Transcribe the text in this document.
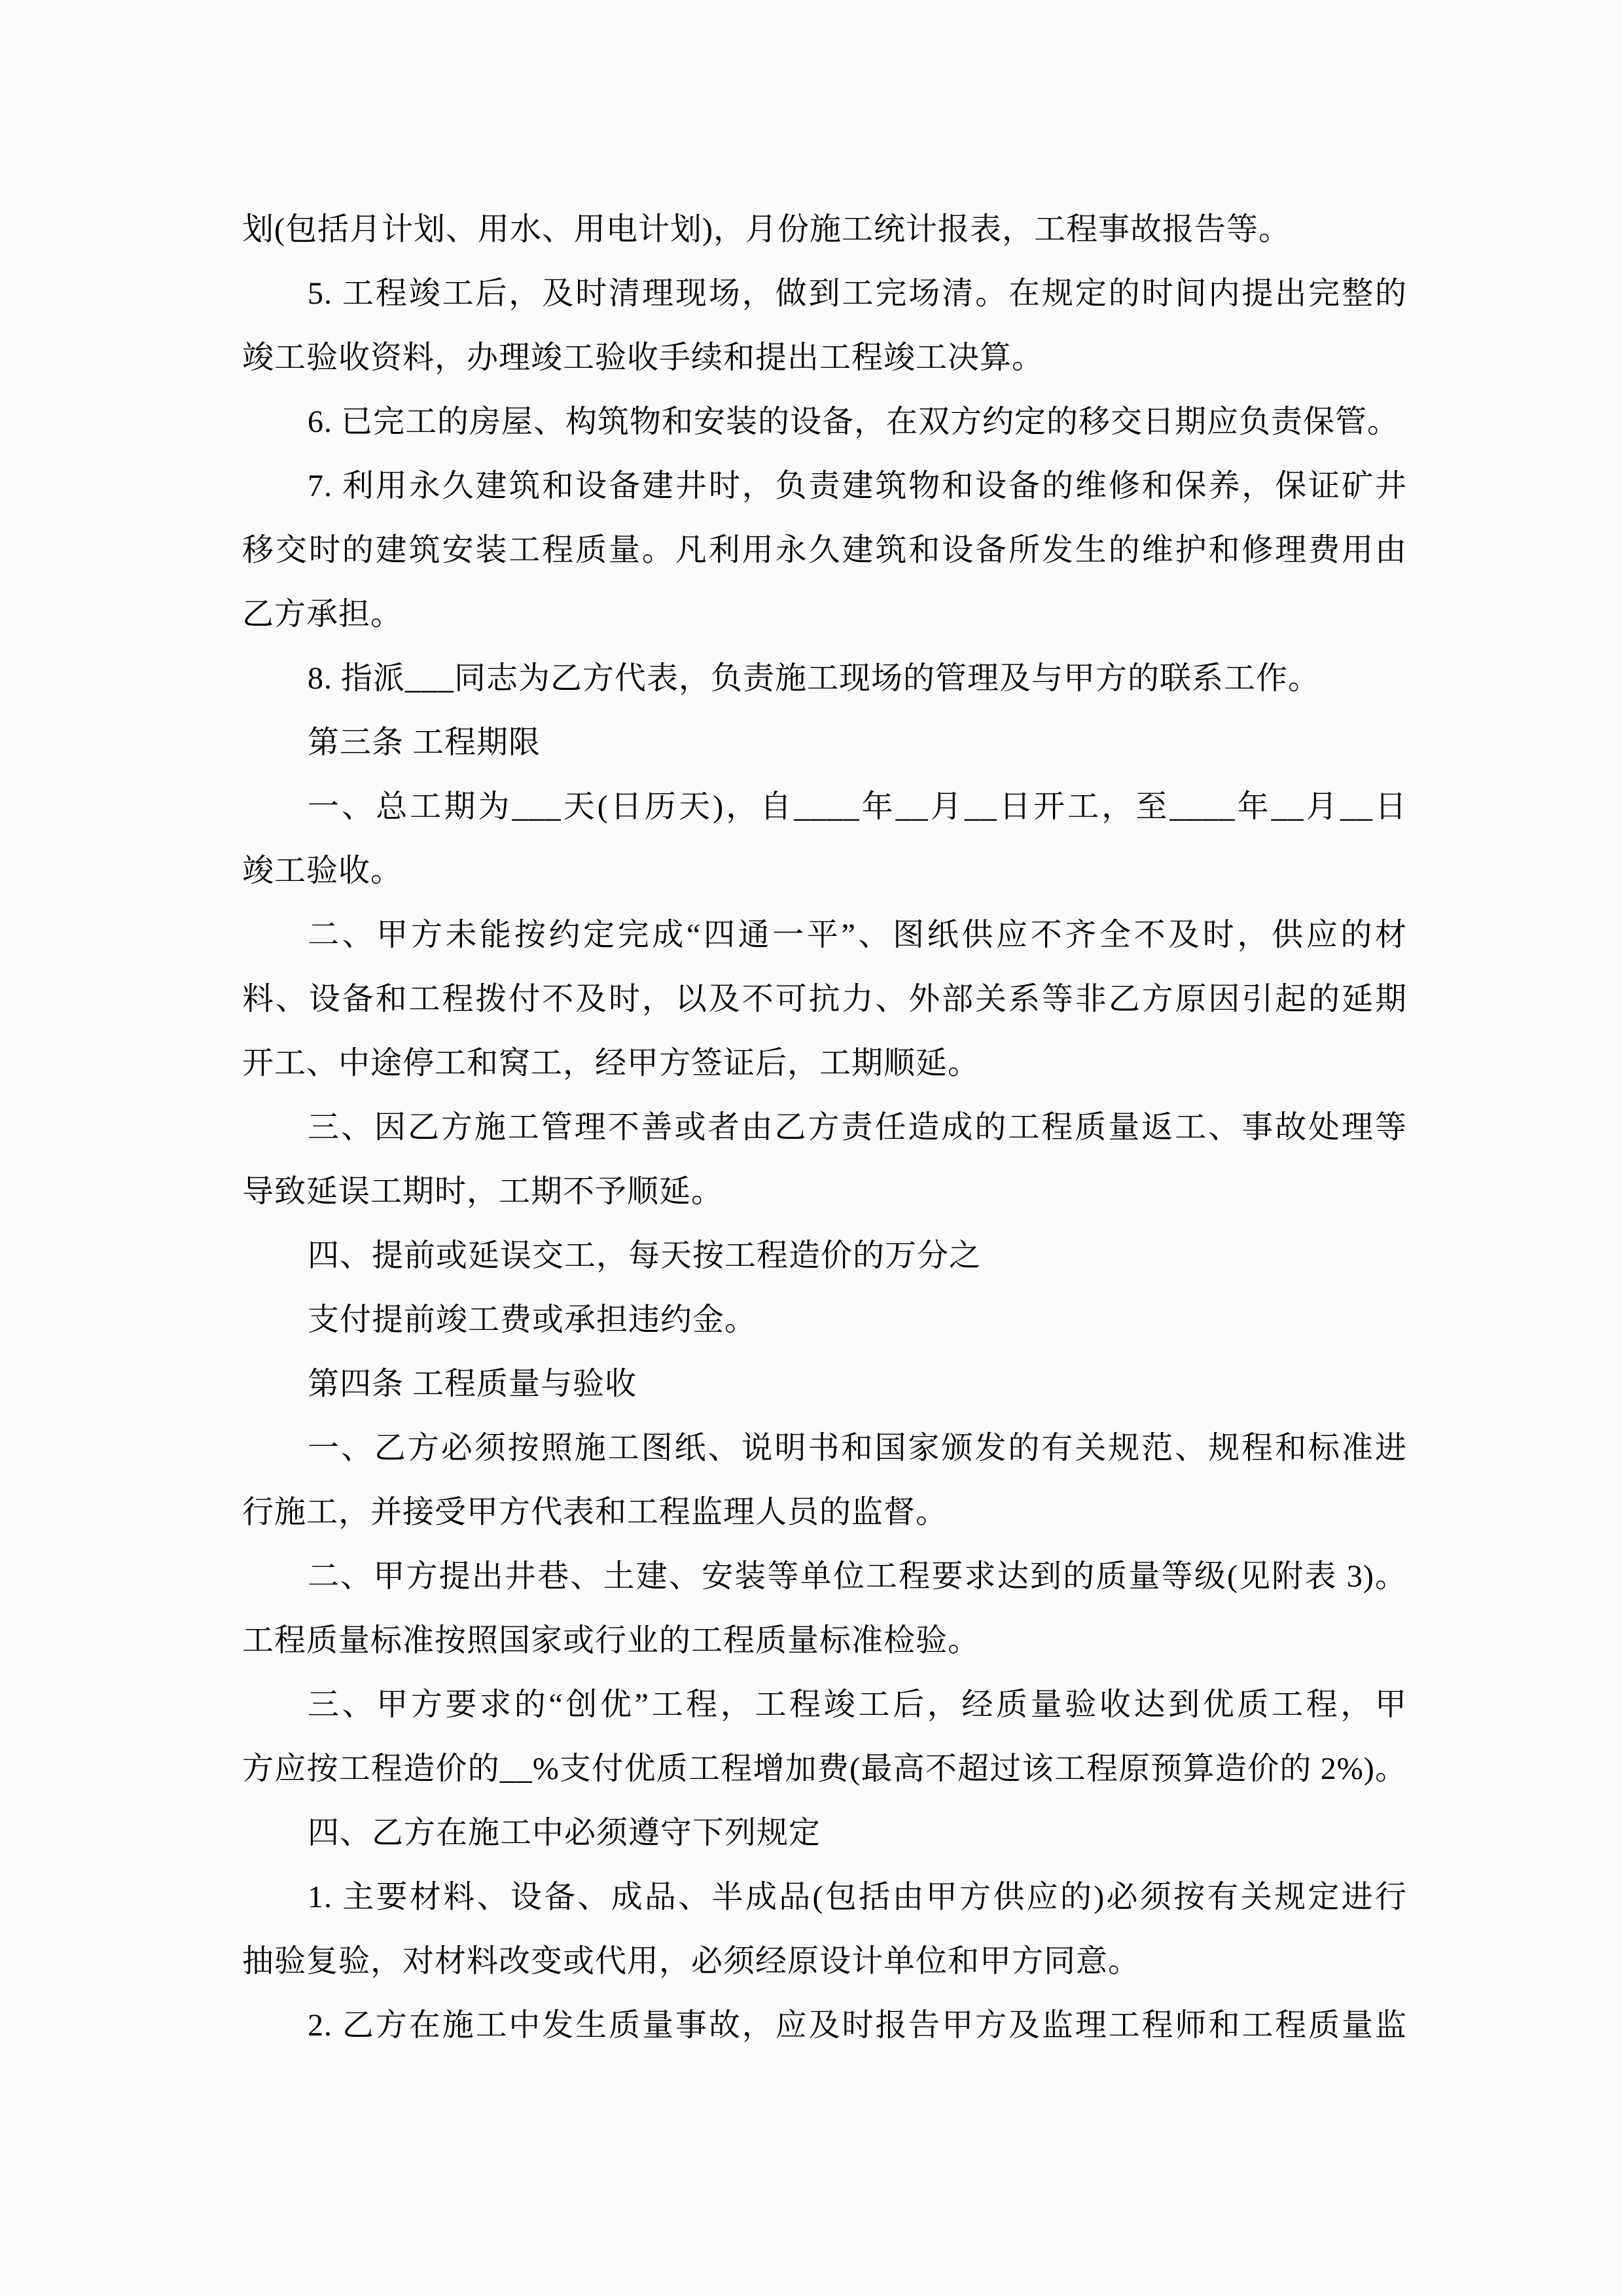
划(包括月计划、用水、用电计划)，月份施工统计报表，工程事故报告等。
5. 工程竣工后，及时清理现场，做到工完场清。在规定的时间内提出完整的
竣工验收资料，办理竣工验收手续和提出工程竣工决算。
6. 已完工的房屋、构筑物和安装的设备，在双方约定的移交日期应负责保管。
7. 利用永久建筑和设备建井时，负责建筑物和设备的维修和保养，保证矿井
移交时的建筑安装工程质量。凡利用永久建筑和设备所发生的维护和修理费用由
乙方承担。
8. 指派___同志为乙方代表，负责施工现场的管理及与甲方的联系工作。
第三条 工程期限
一、总工期为___天(日历天)，自____年__月__日开工，至____年__月__日
竣工验收。
二、甲方未能按约定完成“四通一平”、图纸供应不齐全不及时，供应的材
料、设备和工程拨付不及时，以及不可抗力、外部关系等非乙方原因引起的延期
开工、中途停工和窝工，经甲方签证后，工期顺延。
三、因乙方施工管理不善或者由乙方责任造成的工程质量返工、事故处理等
导致延误工期时，工期不予顺延。
四、提前或延误交工，每天按工程造价的万分之
支付提前竣工费或承担违约金。
第四条 工程质量与验收
一、乙方必须按照施工图纸、说明书和国家颁发的有关规范、规程和标准进
行施工，并接受甲方代表和工程监理人员的监督。
二、甲方提出井巷、土建、安装等单位工程要求达到的质量等级(见附表 3)。
工程质量标准按照国家或行业的工程质量标准检验。
三、甲方要求的“创优”工程，工程竣工后，经质量验收达到优质工程，甲
方应按工程造价的__%支付优质工程增加费(最高不超过该工程原预算造价的 2%)。
四、乙方在施工中必须遵守下列规定
1. 主要材料、设备、成品、半成品(包括由甲方供应的)必须按有关规定进行
抽验复验，对材料改变或代用，必须经原设计单位和甲方同意。
2. 乙方在施工中发生质量事故，应及时报告甲方及监理工程师和工程质量监
